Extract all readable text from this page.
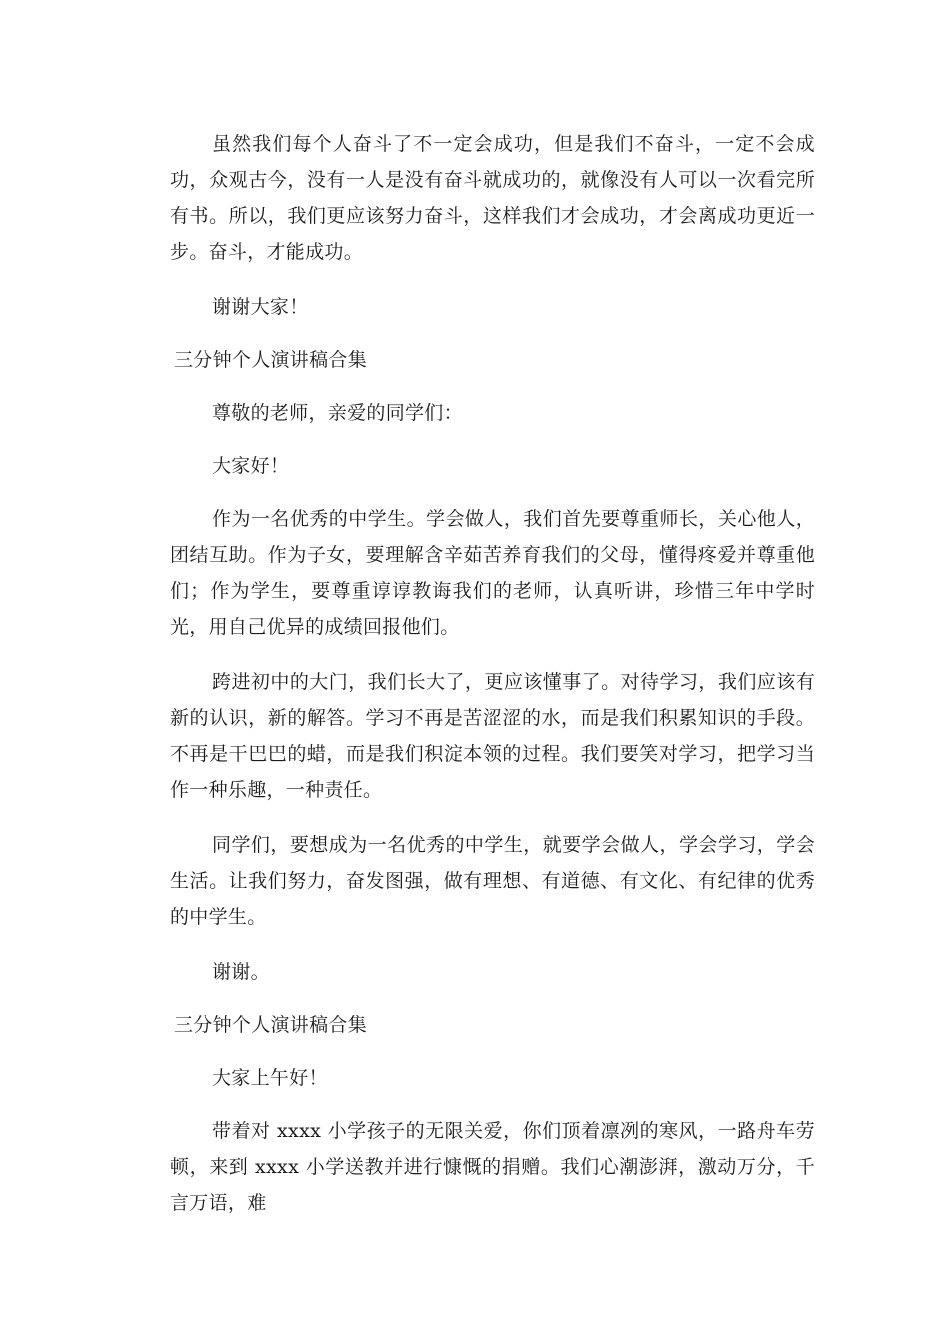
虽然我们每个人奋斗了不一定会成功，但是我们不奋斗，一定不会成功，众观古今，没有一人是没有奋斗就成功的，就像没有人可以一次看完所有书。所以，我们更应该努力奋斗，这样我们才会成功，才会离成功更近一步。奋斗，才能成功。

谢谢大家！

三分钟个人演讲稿合集

尊敬的老师，亲爱的同学们：

大家好！

作为一名优秀的中学生。学会做人，我们首先要尊重师长，关心他人，团结互助。作为子女，要理解含辛茹苦养育我们的父母，懂得疼爱并尊重他们；作为学生，要尊重谆谆教诲我们的老师，认真听讲，珍惜三年中学时光，用自己优异的成绩回报他们。

跨进初中的大门，我们长大了，更应该懂事了。对待学习，我们应该有新的认识，新的解答。学习不再是苦涩涩的水，而是我们积累知识的手段。不再是干巴巴的蜡，而是我们积淀本领的过程。我们要笑对学习，把学习当作一种乐趣，一种责任。

同学们，要想成为一名优秀的中学生，就要学会做人，学会学习，学会生活。让我们努力，奋发图强，做有理想、有道德、有文化、有纪律的优秀的中学生。

谢谢。

三分钟个人演讲稿合集

大家上午好！

带着对 xxxx 小学孩子的无限关爱，你们顶着凛冽的寒风，一路舟车劳顿，来到 xxxx 小学送教并进行慷慨的捐赠。我们心潮澎湃，激动万分，千言万语，难
